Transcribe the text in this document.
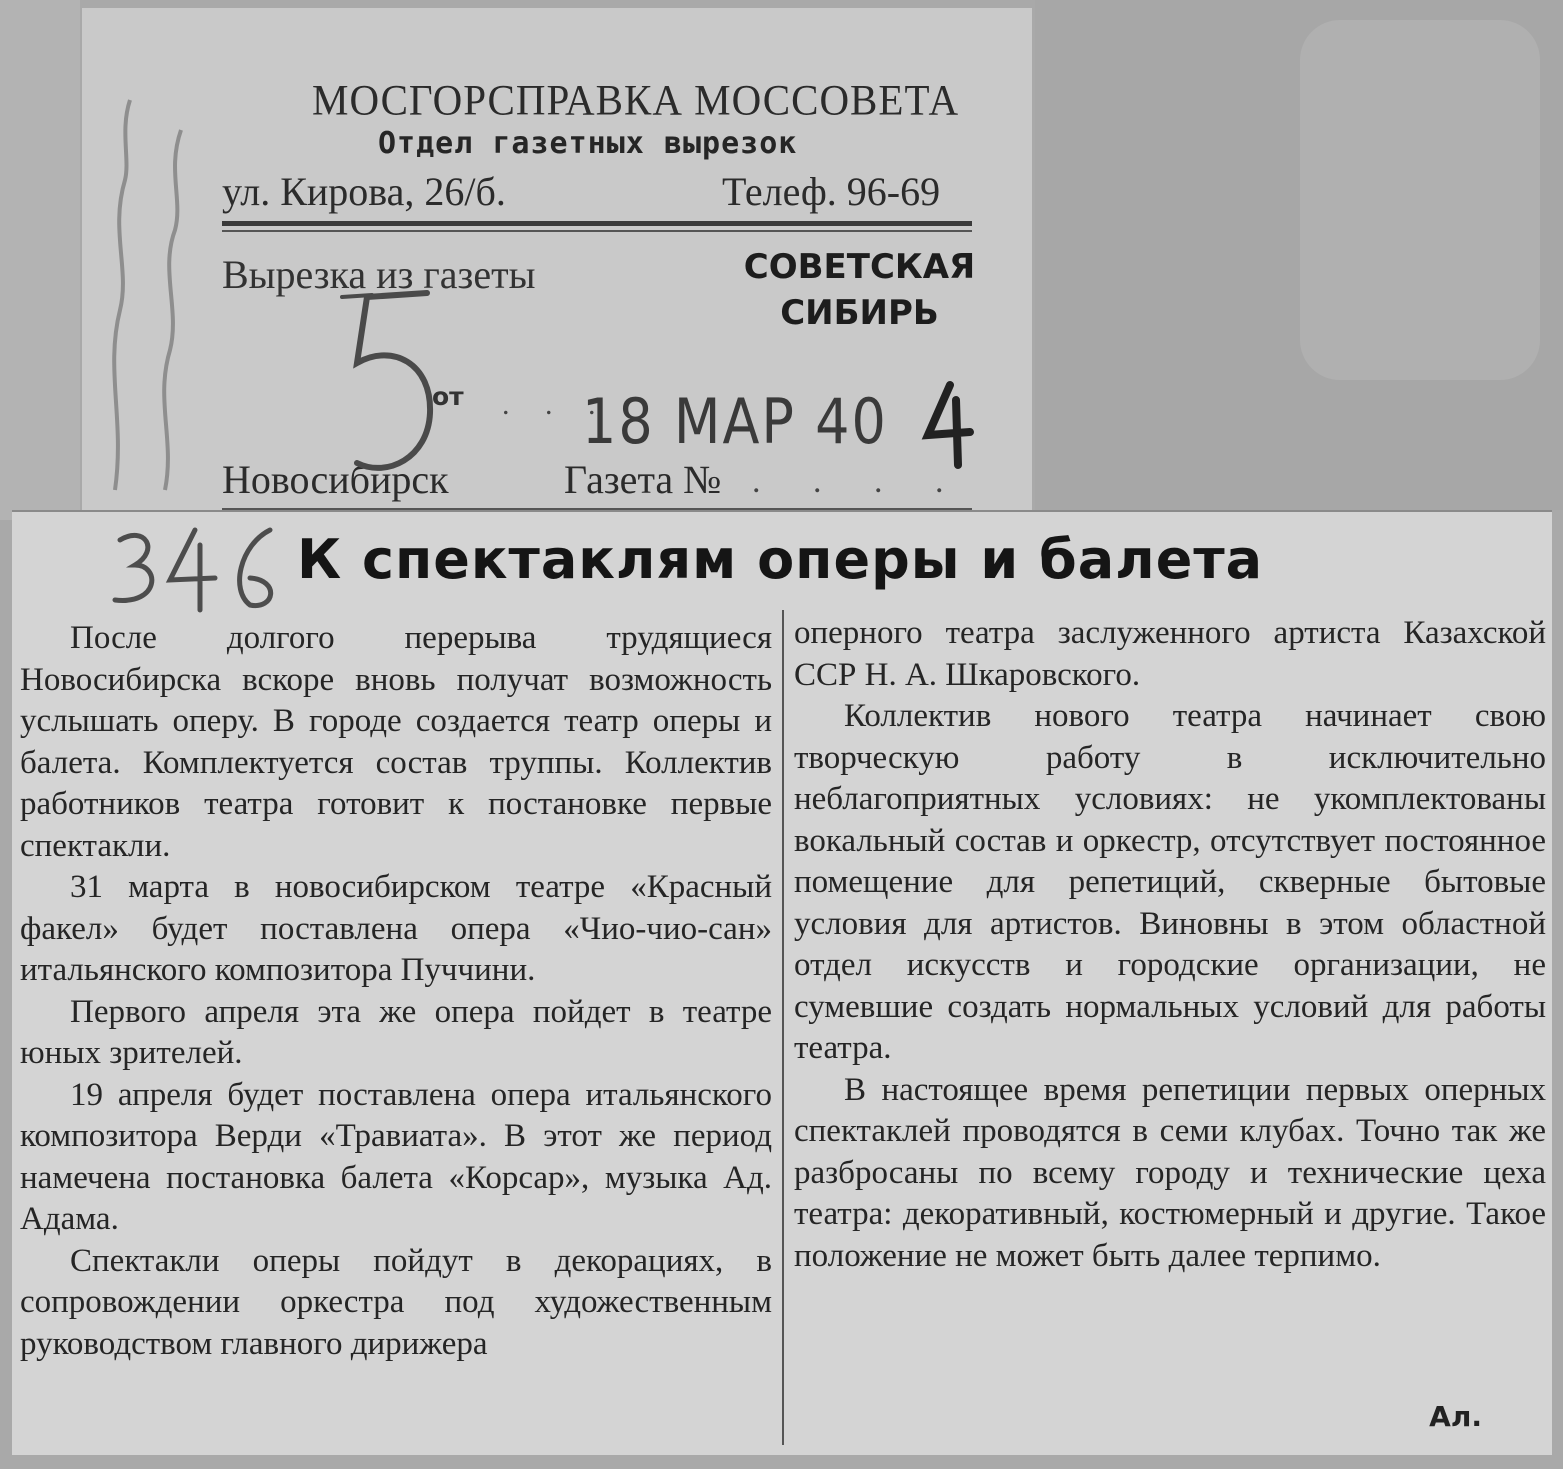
МОСГОРСПРАВКА МОССОВЕТА
Отдел газетных вырезок
ул. Кирова, 26/б.	Телеф. 96-69
Вырезка из газеты	СОВЕТСКАЯ
СИБИРЬ
от . . .
18 МАР 40
Новосибирск	Газета № . . . .
К спектаклям оперы и балета

После долгого перерыва трудящиеся Новосибирска вскоре вновь получат возможность услышать оперу. В городе создается театр оперы и балета. Комплектуется состав труппы. Коллектив работников театра готовит к постановке первые спектакли.

31 марта в новосибирском театре «Красный факел» будет поставлена опера «Чио-чио-сан» итальянского композитора Пуччини.

Первого апреля эта же опера пойдет в театре юных зрителей.

19 апреля будет поставлена опера итальянского композитора Верди «Травиата». В этот же период намечена постановка балета «Корсар», музыка Ад. Адама.

Спектакли оперы пойдут в декорациях, в сопровождении оркестра под художественным руководством главного дирижера

оперного театра заслуженного артиста Казахской ССР Н. А. Шкаровского.

Коллектив нового театра начинает свою творческую работу в исключительно неблагоприятных условиях: не укомплектованы вокальный состав и оркестр, отсутствует постоянное помещение для репетиций, скверные бытовые условия для артистов. Виновны в этом областной отдел искусств и городские организации, не сумевшие создать нормальных условий для работы театра.

В настоящее время репетиции первых оперных спектаклей проводятся в семи клубах. Точно так же разбросаны по всему городу и технические цеха театра: декоративный, костюмерный и другие. Такое положение не может быть далее терпимо.

Ал.
